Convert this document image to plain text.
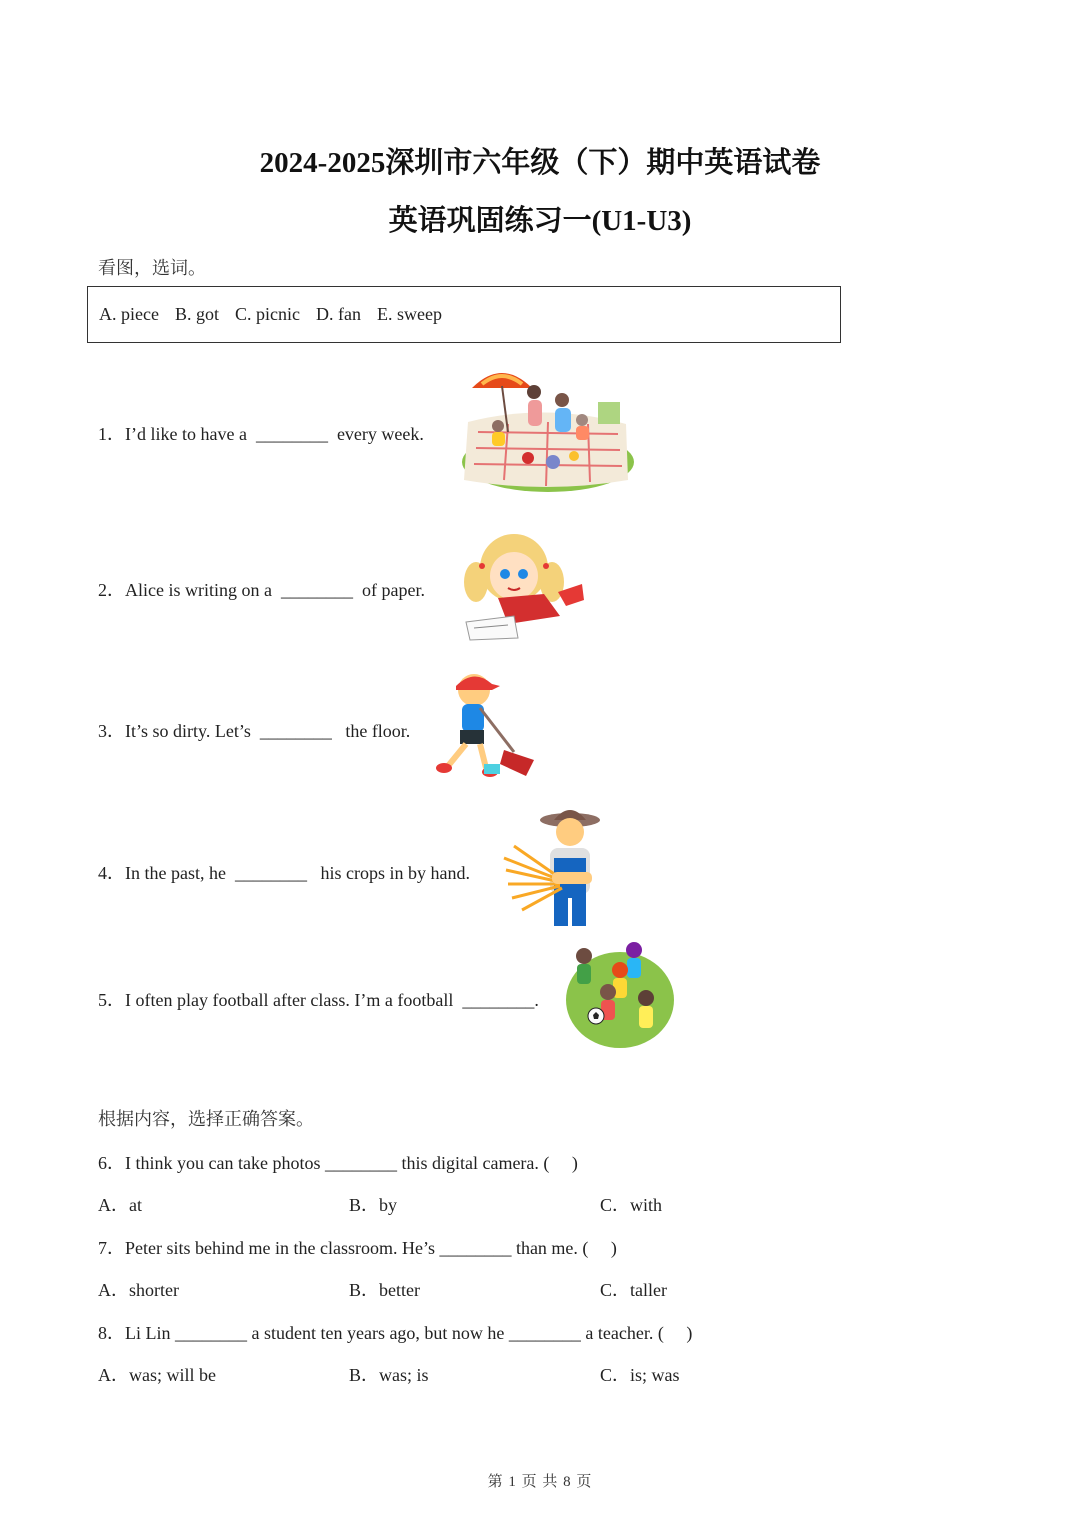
2024-2025深圳市六年级（下）期中英语试卷
英语巩固练习一(U1-U3)
看图，选词。
A. piece B. got C. picnic D. fan E. sweep
1．I’d like to have a  ________  every week.
2．Alice is writing on a  ________  of paper.
3．It’s so dirty. Let’s  ________   the floor.
4．In the past, he  ________   his crops in by hand.
5．I often play football after class. I’m a football  ________.
根据内容，选择正确答案。
6．I think you can take photos ________ this digital camera. (     )
A．at	B．by	C．with
7．Peter sits behind me in the classroom. He’s ________ than me. (     )
A．shorter	B．better	C．taller
8．Li Lin ________ a student ten years ago, but now he ________ a teacher. (     )
A．was; will be	B．was; is	C．is; was
第 1 页 共 8 页
